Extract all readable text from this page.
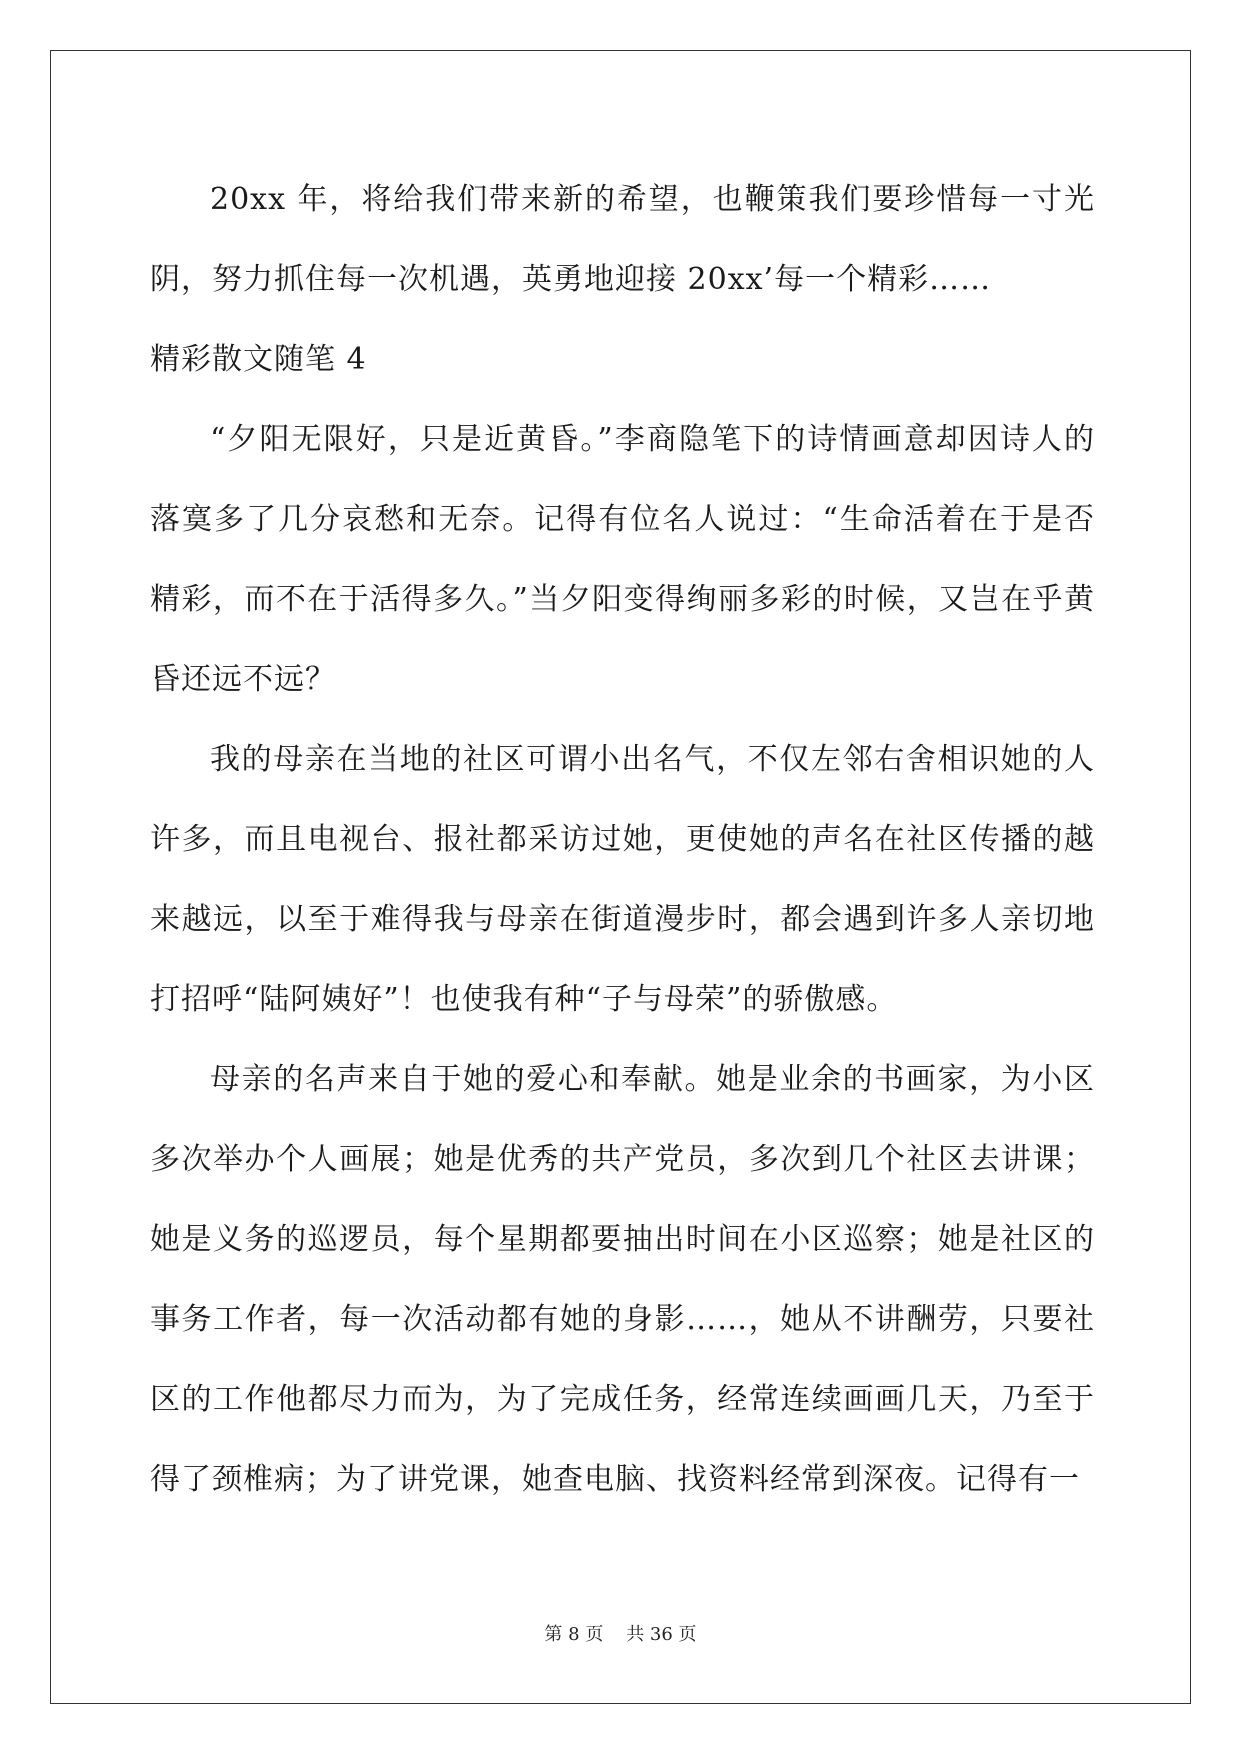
20xx 年，将给我们带来新的希望，也鞭策我们要珍惜每一寸光阴，努力抓住每一次机遇，英勇地迎接 20xx’每一个精彩……

精彩散文随笔 4

“夕阳无限好，只是近黄昏。”李商隐笔下的诗情画意却因诗人的落寞多了几分哀愁和无奈。记得有位名人说过：“生命活着在于是否精彩，而不在于活得多久。”当夕阳变得绚丽多彩的时候，又岂在乎黄昏还远不远？

我的母亲在当地的社区可谓小出名气，不仅左邻右舍相识她的人许多，而且电视台、报社都采访过她，更使她的声名在社区传播的越来越远，以至于难得我与母亲在街道漫步时，都会遇到许多人亲切地打招呼“陆阿姨好”！也使我有种“子与母荣”的骄傲感。

母亲的名声来自于她的爱心和奉献。她是业余的书画家，为小区多次举办个人画展；她是优秀的共产党员，多次到几个社区去讲课；她是义务的巡逻员，每个星期都要抽出时间在小区巡察；她是社区的事务工作者，每一次活动都有她的身影……，她从不讲酬劳，只要社区的工作他都尽力而为，为了完成任务，经常连续画画几天，乃至于得了颈椎病；为了讲党课，她查电脑、找资料经常到深夜。记得有一

第 8 页    共 36 页
